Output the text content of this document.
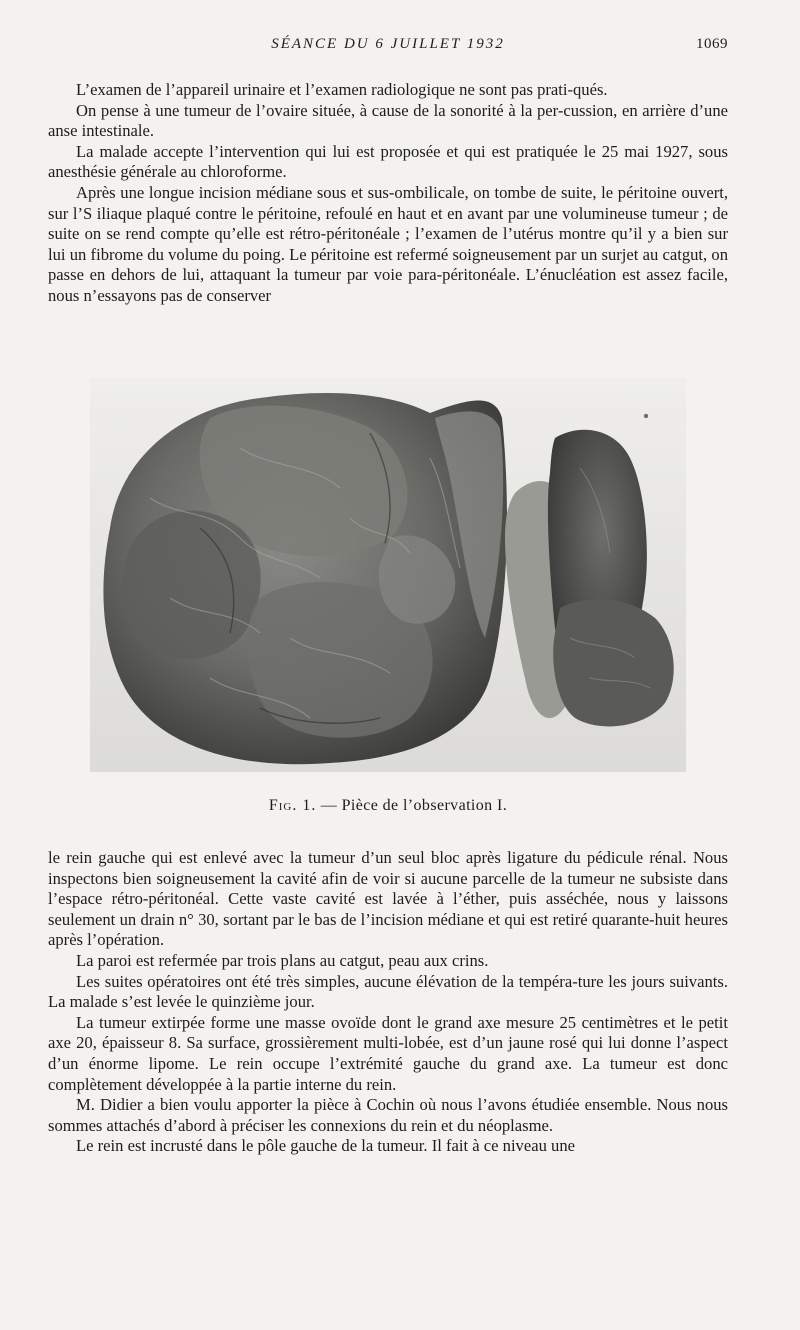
SÉANCE DU 6 JUILLET 1932	1069

L’examen de l’appareil urinaire et l’examen radiologique ne sont pas prati-qués.

On pense à une tumeur de l’ovaire située, à cause de la sonorité à la per-cussion, en arrière d’une anse intestinale.

La malade accepte l’intervention qui lui est proposée et qui est pratiquée le 25 mai 1927, sous anesthésie générale au chloroforme.

Après une longue incision médiane sous et sus-ombilicale, on tombe de suite, le péritoine ouvert, sur l’S iliaque plaqué contre le péritoine, refoulé en haut et en avant par une volumineuse tumeur ; de suite on se rend compte qu’elle est rétro-péritonéale ; l’examen de l’utérus montre qu’il y a bien sur lui un fibrome du volume du poing. Le péritoine est refermé soigneusement par un surjet au catgut, on passe en dehors de lui, attaquant la tumeur par voie para-péritonéale. L’énucléation est assez facile, nous n’essayons pas de conserver

Fig. 1. — Pièce de l’observation I.

le rein gauche qui est enlevé avec la tumeur d’un seul bloc après ligature du pédicule rénal. Nous inspectons bien soigneusement la cavité afin de voir si aucune parcelle de la tumeur ne subsiste dans l’espace rétro-péritonéal. Cette vaste cavité est lavée à l’éther, puis asséchée, nous y laissons seulement un drain n° 30, sortant par le bas de l’incision médiane et qui est retiré quarante-huit heures après l’opération.

La paroi est refermée par trois plans au catgut, peau aux crins.

Les suites opératoires ont été très simples, aucune élévation de la tempéra-ture les jours suivants. La malade s’est levée le quinzième jour.

La tumeur extirpée forme une masse ovoïde dont le grand axe mesure 25 centimètres et le petit axe 20, épaisseur 8. Sa surface, grossièrement multi-lobée, est d’un jaune rosé qui lui donne l’aspect d’un énorme lipome. Le rein occupe l’extrémité gauche du grand axe. La tumeur est donc complètement développée à la partie interne du rein.

M. Didier a bien voulu apporter la pièce à Cochin où nous l’avons étudiée ensemble. Nous nous sommes attachés d’abord à préciser les connexions du rein et du néoplasme.

Le rein est incrusté dans le pôle gauche de la tumeur. Il fait à ce niveau une
